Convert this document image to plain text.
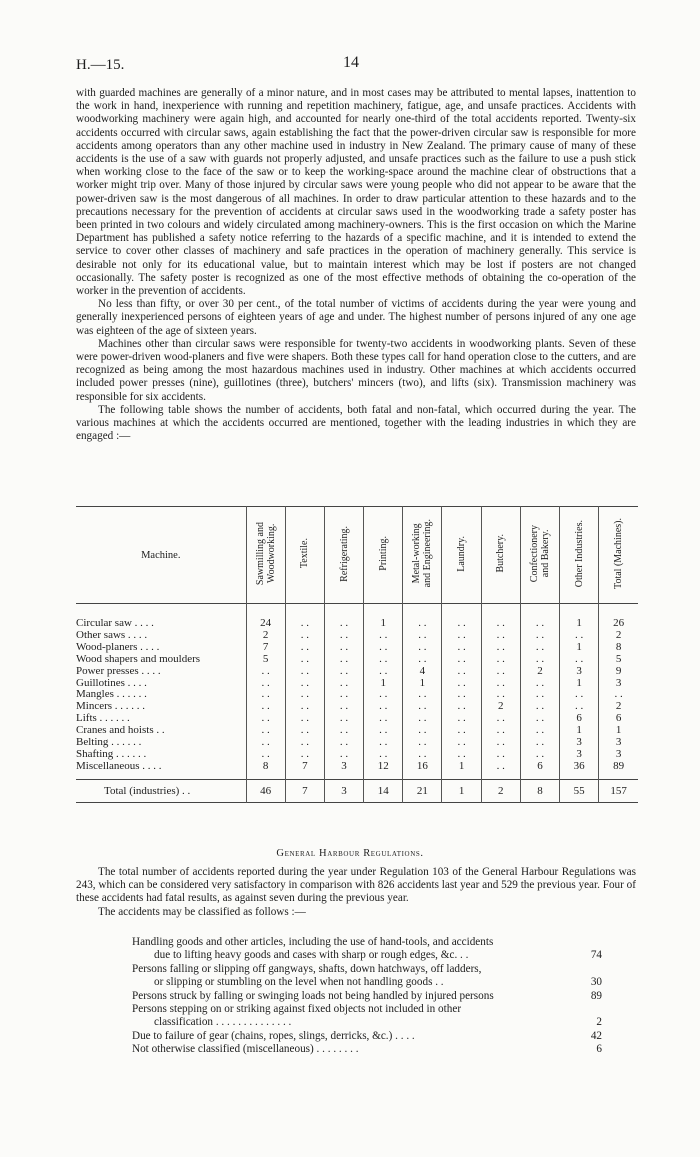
H.—15.	14

with guarded machines are generally of a minor nature, and in most cases may be attributed to mental lapses, inattention to the work in hand, inexperience with running and repetition machinery, fatigue, age, and unsafe practices. Accidents with woodworking machinery were again high, and accounted for nearly one-third of the total accidents reported. Twenty-six accidents occurred with circular saws, again establishing the fact that the power-driven circular saw is responsible for more accidents among operators than any other machine used in industry in New Zealand. The primary cause of many of these accidents is the use of a saw with guards not properly adjusted, and unsafe practices such as the failure to use a push stick when working close to the face of the saw or to keep the working-space around the machine clear of obstructions that a worker might trip over. Many of those injured by circular saws were young people who did not appear to be aware that the power-driven saw is the most dangerous of all machines. In order to draw particular attention to these hazards and to the precautions necessary for the prevention of accidents at circular saws used in the woodworking trade a safety poster has been printed in two colours and widely circulated among machinery-owners. This is the first occasion on which the Marine Department has published a safety notice referring to the hazards of a specific machine, and it is intended to extend the service to cover other classes of machinery and safe practices in the operation of machinery generally. This service is desirable not only for its educational value, but to maintain interest which may be lost if posters are not changed occasionally. The safety poster is recognized as one of the most effective methods of obtaining the co-operation of the worker in the prevention of accidents.

No less than fifty, or over 30 per cent., of the total number of victims of accidents during the year were young and generally inexperienced persons of eighteen years of age and under. The highest number of persons injured of any one age was eighteen of the age of sixteen years.

Machines other than circular saws were responsible for twenty-two accidents in woodworking plants. Seven of these were power-driven wood-planers and five were shapers. Both these types call for hand operation close to the cutters, and are recognized as being among the most hazardous machines used in industry. Other machines at which accidents occurred included power presses (nine), guillotines (three), butchers' mincers (two), and lifts (six). Transmission machinery was responsible for six accidents.

The following table shows the number of accidents, both fatal and non-fatal, which occurred during the year. The various machines at which the accidents occurred are mentioned, together with the leading industries in which they are engaged :—

Machine.	Sawmilling and
Woodworking.	Textile.	Refrigerating.	Printing.	Metal-working
and Engineering.	Laundry.	Butchery.	Confectionery
and Bakery.	Other Industries.	Total (Machines).
Circular saw . . . .	24	. .	. .	1	. .	. .	. .	. .	1	26
Other saws . . . .	2	. .	. .	. .	. .	. .	. .	. .	. .	2
Wood-planers . . . .	7	. .	. .	. .	. .	. .	. .	. .	1	8
Wood shapers and moulders	5	. .	. .	. .	. .	. .	. .	. .	. .	5
Power presses . . . .	. .	. .	. .	. .	4	. .	. .	2	3	9
Guillotines . . . .	. .	. .	. .	1	1	. .	. .	. .	1	3
Mangles . . . . . .	. .	. .	. .	. .	. .	. .	. .	. .	. .	. .
Mincers . . . . . .	. .	. .	. .	. .	. .	. .	2	. .	. .	2
Lifts . . . . . .	. .	. .	. .	. .	. .	. .	. .	. .	6	6
Cranes and hoists . .	. .	. .	. .	. .	. .	. .	. .	. .	1	1
Belting . . . . . .	. .	. .	. .	. .	. .	. .	. .	. .	3	3
Shafting . . . . . .	. .	. .	. .	. .	. .	. .	. .	. .	3	3
Miscellaneous . . . .	8	7	3	12	16	1	. .	6	36	89
Total (industries) . .	46	7	3	14	21	1	2	8	55	157
General Harbour Regulations.

The total number of accidents reported during the year under Regulation 103 of the General Harbour Regulations was 243, which can be considered very satisfactory in comparison with 826 accidents last year and 529 the previous year. Four of these accidents had fatal results, as against seven during the previous year.

The accidents may be classified as follows :—

Handling goods and other articles, including the use of hand-tools, and accidents
due to lifting heavy goods and cases with sharp or rough edges, &c. . .	74
Persons falling or slipping off gangways, shafts, down hatchways, off ladders,
or slipping or stumbling on the level when not handling goods . .	30
Persons struck by falling or swinging loads not being handled by injured persons	89
Persons stepping on or striking against fixed objects not included in other
classification . . . . . . . . . . . . . .	2
Due to failure of gear (chains, ropes, slings, derricks, &c.) . . . .	42
Not otherwise classified (miscellaneous) . . . . . . . .	6
